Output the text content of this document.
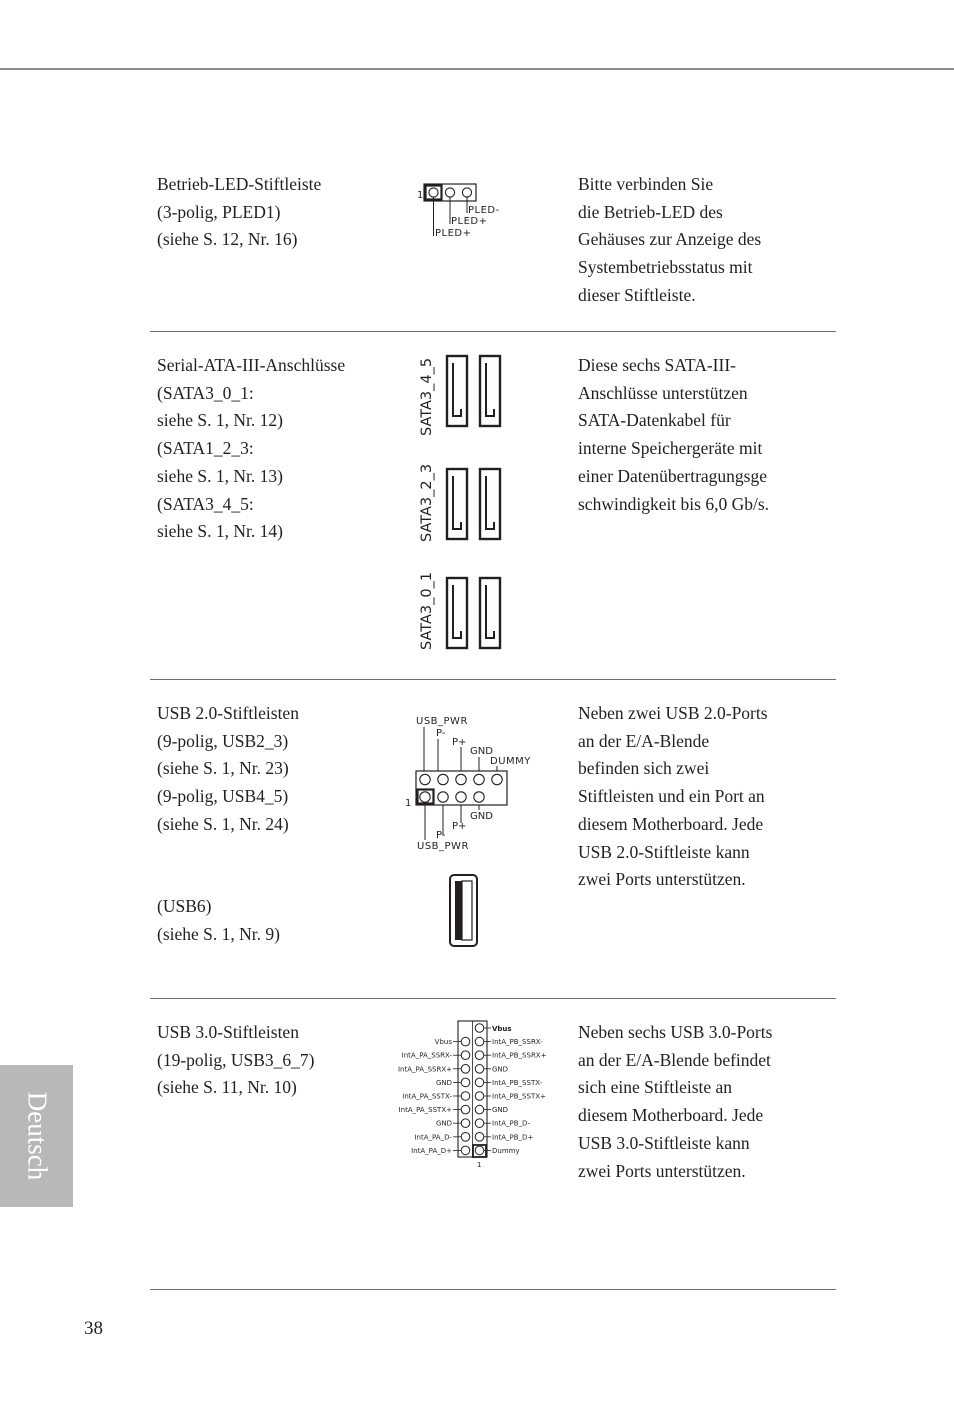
Betrieb-LED-Stiftleiste
(3-polig, PLED1)
(siehe S. 12, Nr. 16)
1
PLED-
PLED+
PLED+
Bitte verbinden Sie
die Betrieb-LED des
Gehäuses zur Anzeige des
Systembetriebsstatus mit
dieser Stiftleiste.
Serial-ATA-III-Anschlüsse
(SATA3_0_1:
siehe S. 1, Nr. 12)
(SATA1_2_3:
siehe S. 1, Nr. 13)
(SATA3_4_5:
siehe S. 1, Nr. 14)
SATA3_4_5
SATA3_2_3
SATA3_0_1
Diese sechs SATA-III-
Anschlüsse unterstützen
SATA-Datenkabel für
interne Speichergeräte mit
einer Datenübertragungsge
schwindigkeit bis 6,0 Gb/s.
USB 2.0-Stiftleisten
(9-polig, USB2_3)
(siehe S. 1, Nr. 23)
(9-polig, USB4_5)
(siehe S. 1, Nr. 24)
(USB6)
(siehe S. 1, Nr. 9)
USB_PWR
P-
P+
GND
DUMMY
1
GND
P+
P-
USB_PWR
Neben zwei USB 2.0-Ports
an der E/A-Blende
befinden sich zwei
Stiftleisten und ein Port an
diesem Motherboard. Jede
USB 2.0-Stiftleiste kann
zwei Ports unterstützen.
USB 3.0-Stiftleisten
(19-polig, USB3_6_7)
(siehe S. 11, Nr. 10)
Vbus
IntA_PA_SSRX-
IntA_PA_SSRX+
GND
IntA_PA_SSTX-
IntA_PA_SSTX+
GND
IntA_PA_D-
IntA_PA_D+
IntA_PB_SSRX-
IntA_PB_SSRX+
GND
IntA_PB_SSTX-
IntA_PB_SSTX+
GND
IntA_PB_D-
IntA_PB_D+
Dummy
Vbus
1
Neben sechs USB 3.0-Ports
an der E/A-Blende befindet
sich eine Stiftleiste an
diesem Motherboard. Jede
USB 3.0-Stiftleiste kann
zwei Ports unterstützen.
Deutsch
38
